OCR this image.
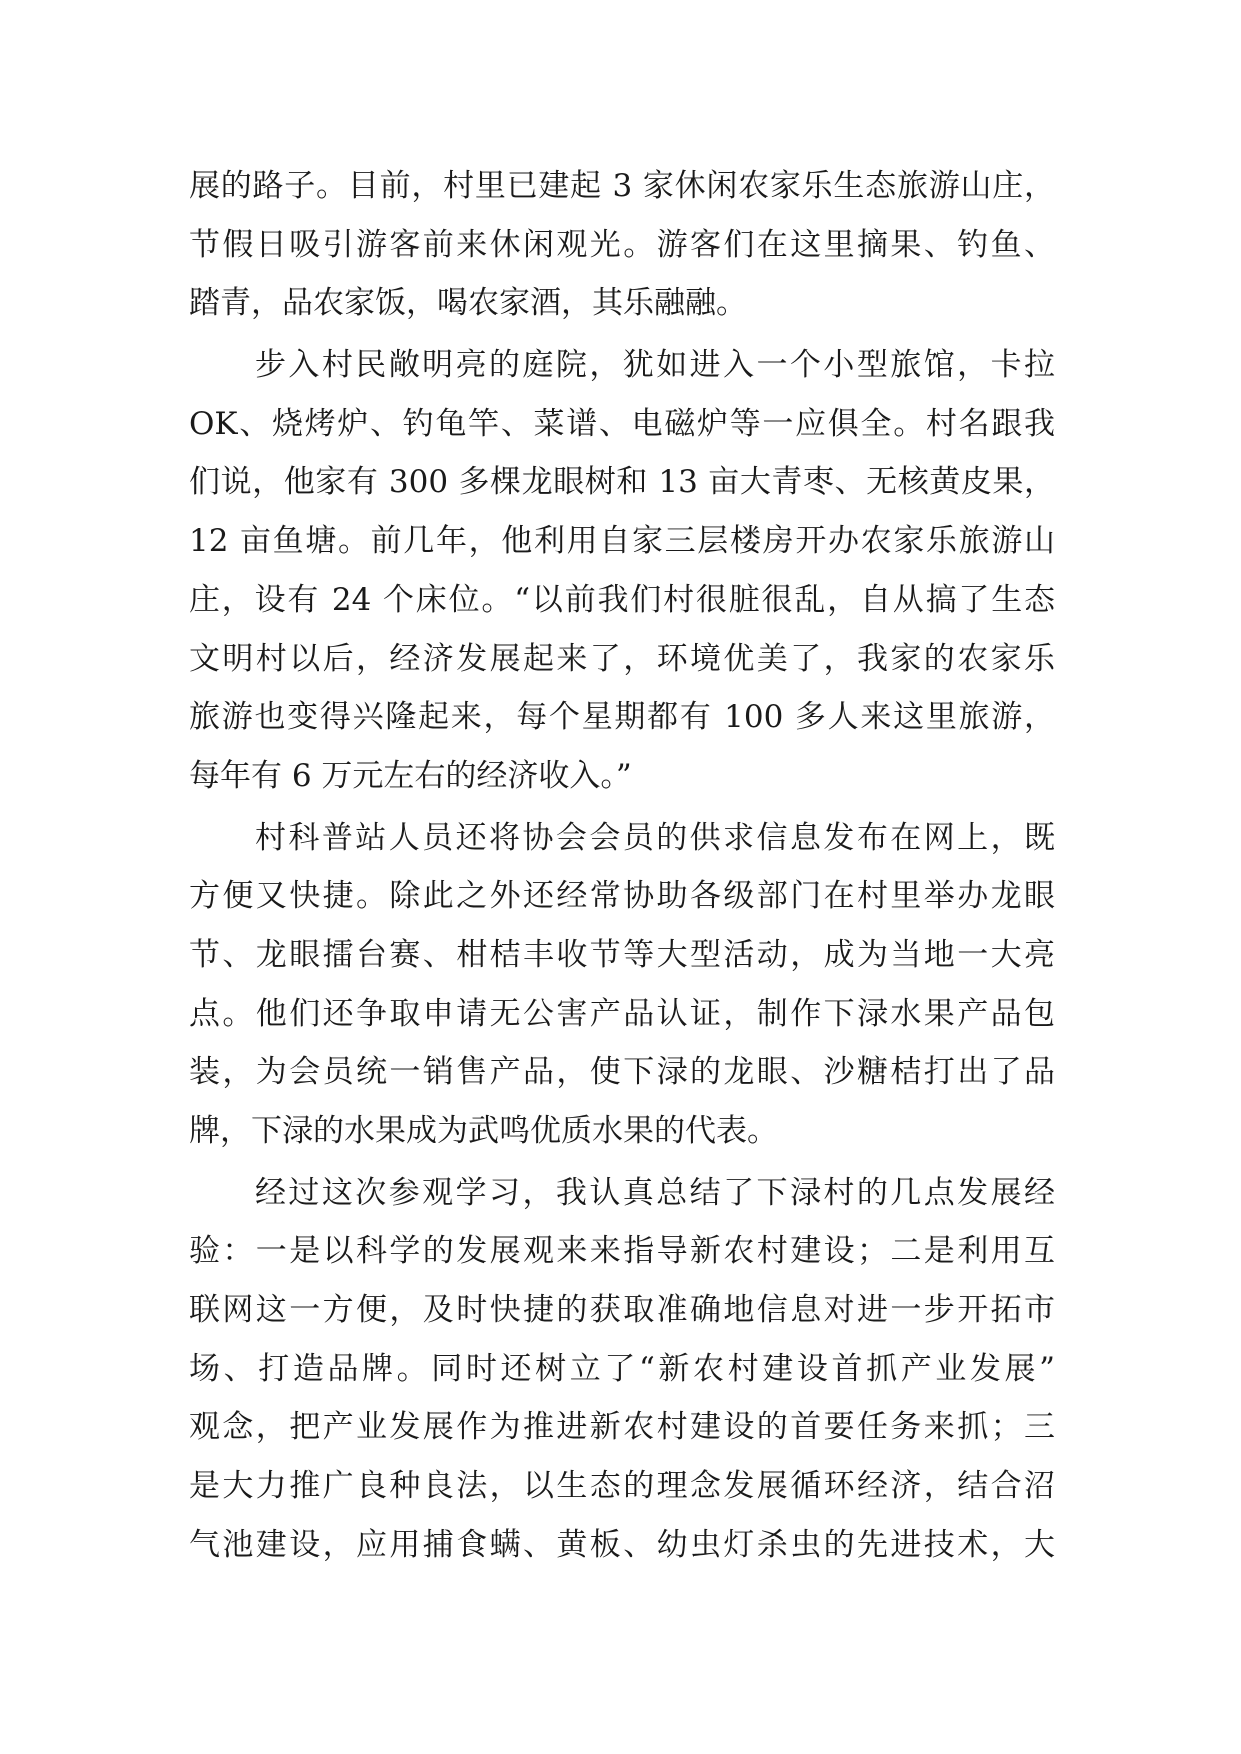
展的路子。目前，村里已建起 3 家休闲农家乐生态旅游山庄，
节假日吸引游客前来休闲观光。游客们在这里摘果、钓鱼、
踏青，品农家饭，喝农家酒，其乐融融。
步入村民敞明亮的庭院，犹如进入一个小型旅馆，卡拉
OK、烧烤炉、钓龟竿、菜谱、电磁炉等一应俱全。村名跟我
们说，他家有 300 多棵龙眼树和 13 亩大青枣、无核黄皮果，
12 亩鱼塘。前几年，他利用自家三层楼房开办农家乐旅游山
庄，设有 24 个床位。“以前我们村很脏很乱，自从搞了生态
文明村以后，经济发展起来了，环境优美了，我家的农家乐
旅游也变得兴隆起来，每个星期都有 100 多人来这里旅游，
每年有 6 万元左右的经济收入。”
村科普站人员还将协会会员的供求信息发布在网上，既
方便又快捷。除此之外还经常协助各级部门在村里举办龙眼
节、龙眼擂台赛、柑桔丰收节等大型活动，成为当地一大亮
点。他们还争取申请无公害产品认证，制作下渌水果产品包
装，为会员统一销售产品，使下渌的龙眼、沙糖桔打出了品
牌，下渌的水果成为武鸣优质水果的代表。
经过这次参观学习，我认真总结了下渌村的几点发展经
验：一是以科学的发展观来来指导新农村建设；二是利用互
联网这一方便，及时快捷的获取准确地信息对进一步开拓市
场、打造品牌。同时还树立了“新农村建设首抓产业发展”
观念，把产业发展作为推进新农村建设的首要任务来抓；三
是大力推广良种良法，以生态的理念发展循环经济，结合沼
气池建设，应用捕食螨、黄板、幼虫灯杀虫的先进技术，大
